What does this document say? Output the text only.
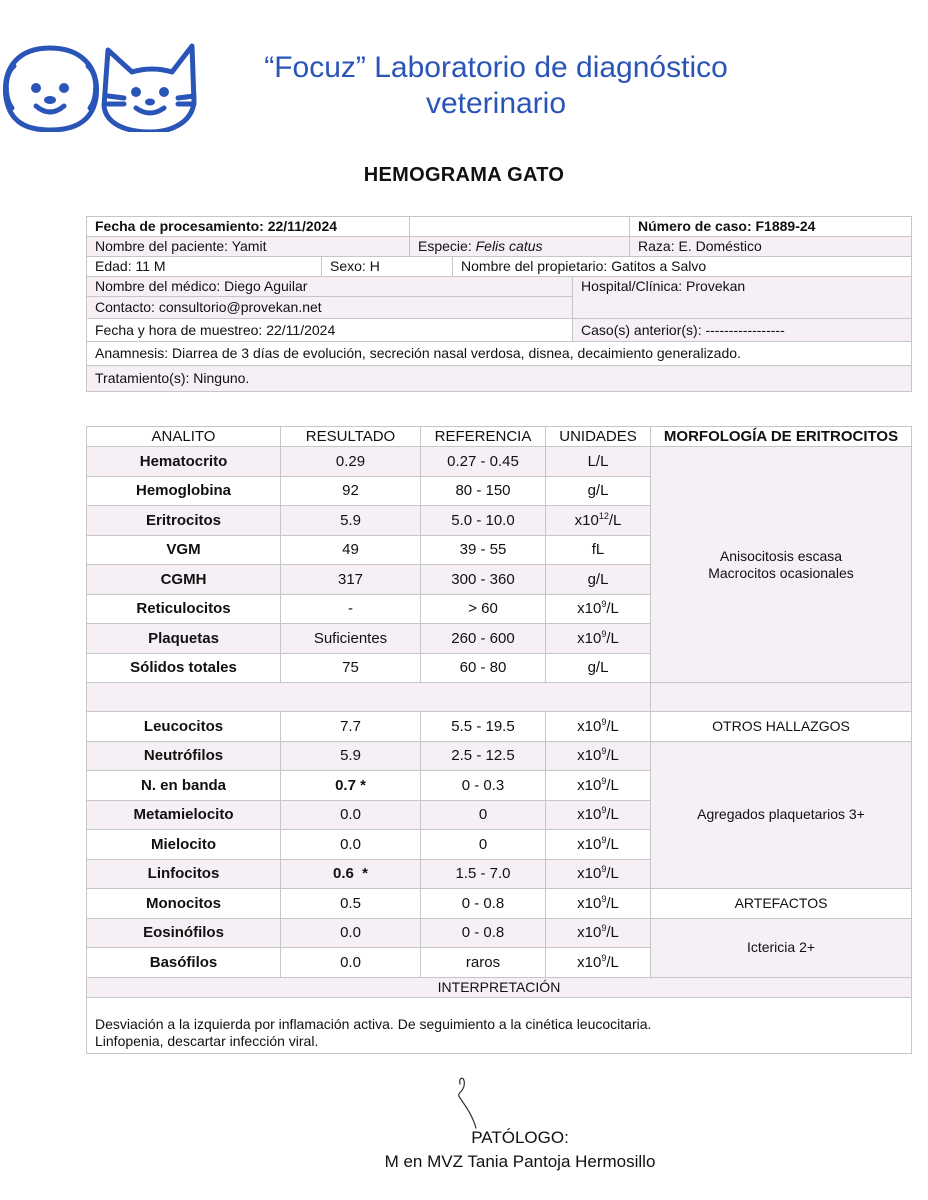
“Focuz” Laboratorio de diagnóstico
veterinario
HEMOGRAMA GATO
Fecha de procesamiento: 22/11/2024					Número de caso: F1889-24
Nombre del paciente: Yamit		Especie: Felis catus			Raza: E. Doméstico
Edad: 11 M	Sexo: H		Nombre del propietario: Gatitos a Salvo		
Nombre del médico: Diego Aguilar				Hospital/Clínica: Provekan	
Contacto: consultorio@provekan.net					
Fecha y hora de muestreo: 22/11/2024				Caso(s) anterior(s): -----------------	
Anamnesis: Diarrea de 3 días de evolución, secreción nasal verdosa, disnea, decaimiento generalizado.					
Tratamiento(s): Ninguno.					
ANALITO	RESULTADO	REFERENCIA	UNIDADES	MORFOLOGÍA DE ERITROCITOS
Hematocrito	0.29	0.27 - 0.45	L/L	Anisocitosis escasa
Macrocitos ocasionales

Hemoglobina	92	80 - 150	g/L	
Eritrocitos	5.9	5.0 - 10.0	$x10^{12}/L$	
VGM	49	39 - 55	fL	
CGMH	317	300 - 360	g/L	
Reticulocitos	-	> 60	$x10^9/L$	
Plaquetas	Suficientes	260 - 600	$x10^9/L$	
Sólidos totales	75	60 - 80	g/L	

Leucocitos	7.7	5.5 - 19.5	$x10^9/L$	OTROS HALLAZGOS
Neutrófilos	5.9	2.5 - 12.5	$x10^9/L$	Agregados plaquetarios 3+
N. en banda	0.7 *	0 - 0.3	$x10^9/L$	
Metamielocito	0.0	0	$x10^9/L$	
Mielocito	0.0	0	$x10^9/L$	
Linfocitos	0.6  *	1.5 - 7.0	$x10^9/L$	
Monocitos	0.5	0 - 0.8	$x10^9/L$	ARTEFACTOS
Eosinófilos	0.0	0 - 0.8	$x10^9/L$	Ictericia 2+
Basófilos	0.0	raros	$x10^9/L$	
INTERPRETACIÓN				

Desviación a la izquierda por inflamación activa. De seguimiento a la cinética leucocitaria.
Linfopenia, descartar infección viral.				
PATÓLOGO:
M en MVZ Tania Pantoja Hermosillo
